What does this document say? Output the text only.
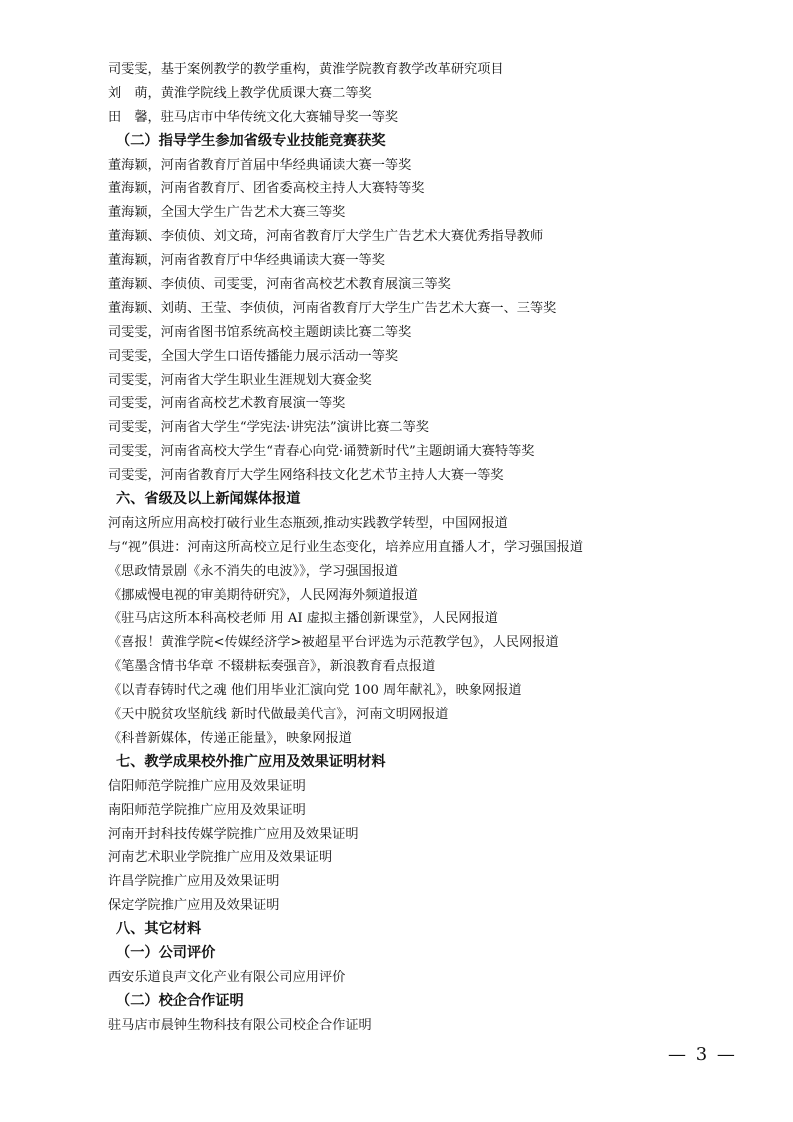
司雯雯，基于案例教学的教学重构，黄淮学院教育教学改革研究项目
刘　萌，黄淮学院线上教学优质课大赛二等奖
田　馨，驻马店市中华传统文化大赛辅导奖一等奖
（二）指导学生参加省级专业技能竞赛获奖
董海颖，河南省教育厅首届中华经典诵读大赛一等奖
董海颖，河南省教育厅、团省委高校主持人大赛特等奖
董海颖，全国大学生广告艺术大赛三等奖
董海颖、李侦侦、刘文琦，河南省教育厅大学生广告艺术大赛优秀指导教师
董海颖，河南省教育厅中华经典诵读大赛一等奖
董海颖、李侦侦、司雯雯，河南省高校艺术教育展演三等奖
董海颖、刘萌、王莹、李侦侦，河南省教育厅大学生广告艺术大赛一、三等奖
司雯雯，河南省图书馆系统高校主题朗读比赛二等奖
司雯雯，全国大学生口语传播能力展示活动一等奖
司雯雯，河南省大学生职业生涯规划大赛金奖
司雯雯，河南省高校艺术教育展演一等奖
司雯雯，河南省大学生“学宪法·讲宪法”演讲比赛二等奖
司雯雯，河南省高校大学生“青春心向党·诵赞新时代”主题朗诵大赛特等奖
司雯雯，河南省教育厅大学生网络科技文化艺术节主持人大赛一等奖
六、省级及以上新闻媒体报道
河南这所应用高校打破行业生态瓶颈,推动实践教学转型，中国网报道
与“视”俱进：河南这所高校立足行业生态变化，培养应用直播人才，学习强国报道
《思政情景剧《永不消失的电波》》，学习强国报道
《挪威慢电视的审美期待研究》，人民网海外频道报道
《驻马店这所本科高校老师 用 AI 虚拟主播创新课堂》，人民网报道
《喜报！黄淮学院<传媒经济学>被超星平台评选为示范教学包》，人民网报道
《笔墨含情书华章 不辍耕耘奏强音》，新浪教育看点报道
《以青春铸时代之魂 他们用毕业汇演向党 100 周年献礼》，映象网报道
《天中脱贫攻坚航线 新时代做最美代言》，河南文明网报道
《科普新媒体，传递正能量》，映象网报道
七、教学成果校外推广应用及效果证明材料
信阳师范学院推广应用及效果证明
南阳师范学院推广应用及效果证明
河南开封科技传媒学院推广应用及效果证明
河南艺术职业学院推广应用及效果证明
许昌学院推广应用及效果证明
保定学院推广应用及效果证明
八、其它材料
（一）公司评价
西安乐道良声文化产业有限公司应用评价
（二）校企合作证明
驻马店市晨钟生物科技有限公司校企合作证明
— 3 —
